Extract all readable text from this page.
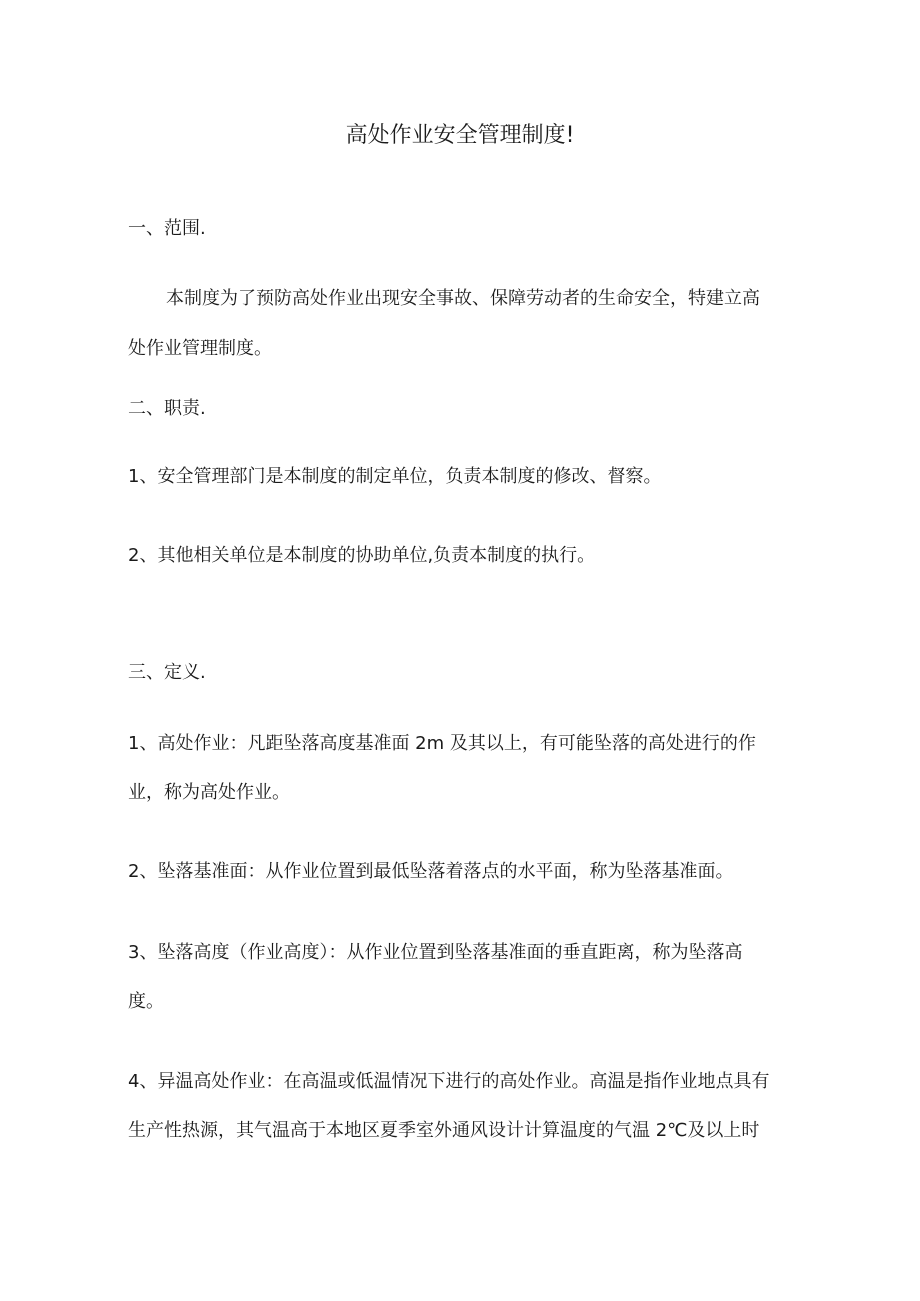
高处作业安全管理制度!
一、范围.
本制度为了预防高处作业出现安全事故、保障劳动者的生命安全，特建立高
处作业管理制度。
二、职责.
1、安全管理部门是本制度的制定单位，负责本制度的修改、督察。
2、其他相关单位是本制度的协助单位,负责本制度的执行。
三、定义.
1、高处作业：凡距坠落高度基准面 2m 及其以上，有可能坠落的高处进行的作
业，称为高处作业。
2、坠落基准面：从作业位置到最低坠落着落点的水平面，称为坠落基准面。
3、坠落高度（作业高度）：从作业位置到坠落基准面的垂直距离，称为坠落高
度。
4、异温高处作业：在高温或低温情况下进行的高处作业。高温是指作业地点具有
生产性热源，其气温高于本地区夏季室外通风设计计算温度的气温 2℃及以上时
